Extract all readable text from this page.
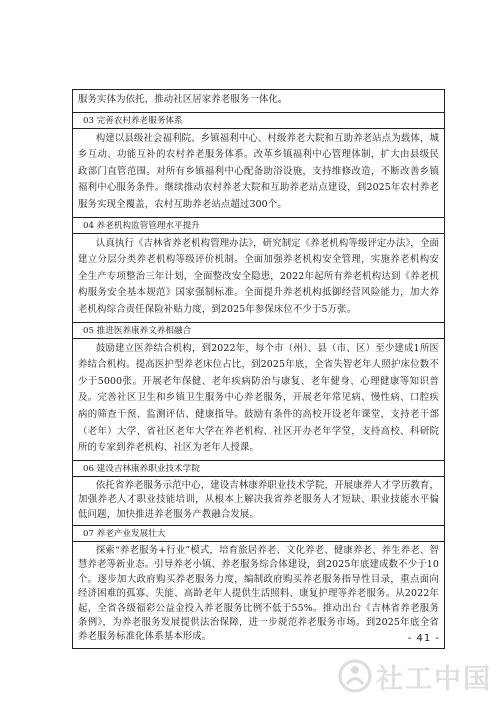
服务实体为依托，推动社区居家养老服务一体化。

03 完善农村养老服务体系

构建以县级社会福利院、乡镇福利中心、村级养老大院和互助养老站点为载体，城乡互动、功能互补的农村养老服务体系。改革乡镇福利中心管理体制，扩大由县级民政部门直管范围。对所有乡镇福利中心配备助浴设施，支持维修改造，不断改善乡镇福利中心服务条件。继续推动农村养老大院和互助养老站点建设，到2025年农村养老服务实现全覆盖，农村互助养老站点超过300个。

04 养老机构监管管理水平提升

认真执行《吉林省养老机构管理办法》，研究制定《养老机构等级评定办法》，全面建立分层分类养老机构等级评价机制。全面加强养老机构安全管理，实施养老机构安全生产专项整治三年计划，全面整改安全隐患，2022年起所有养老机构达到《养老机构服务安全基本规范》国家强制标准。全面提升养老机构抵御经营风险能力，加大养老机构综合责任保险补贴力度，到2025年参保床位不少于5万张。

05 推进医养康养文养相融合

鼓励建立医养结合机构，到2022年，每个市（州）、县（市、区）至少建成1所医养结合机构。提高医护型养老床位占比，到2025年底，全省失智老年人照护床位数不少于5000张。开展老年保健、老年疾病防治与康复、老年健身、心理健康等知识普及。完善社区卫生和乡镇卫生服务中心养老服务，开展老年常见病、慢性病、口腔疾病的筛查干预、监测评估、健康指导。鼓励有条件的高校开设老年课堂，支持老干部（老年）大学、省社区老年大学在养老机构、社区开办老年学堂，支持高校、科研院所的专家到养老机构、社区为老年人授课。

06 建设吉林康养职业技术学院

依托省养老服务示范中心，建设吉林康养职业技术学院，开展康养人才学历教育，加强养老人才职业技能培训，从根本上解决我省养老服务人才短缺、职业技能水平偏低问题，加快推进养老服务产教融合发展。

07 养老产业发展壮大

探索“养老服务+行业”模式，培育旅居养老、文化养老、健康养老、养生养老、智慧养老等新业态。引导养老小镇、养老服务综合体建设，到2025年底建成数不少于10个。逐步加大政府购买养老服务力度，编制政府购买养老服务指导性目录，重点面向经济困难的孤寡、失能、高龄老年人提供生活照料、康复护理等养老服务。从2022年起，全省各级福彩公益金投入养老服务比例不低于55%。推动出台《吉林省养老服务条例》，为养老服务发展提供法治保障，进一步规范养老服务市场。到2025年底全省养老服务标准化体系基本形成。	- 41 -
社工中国
